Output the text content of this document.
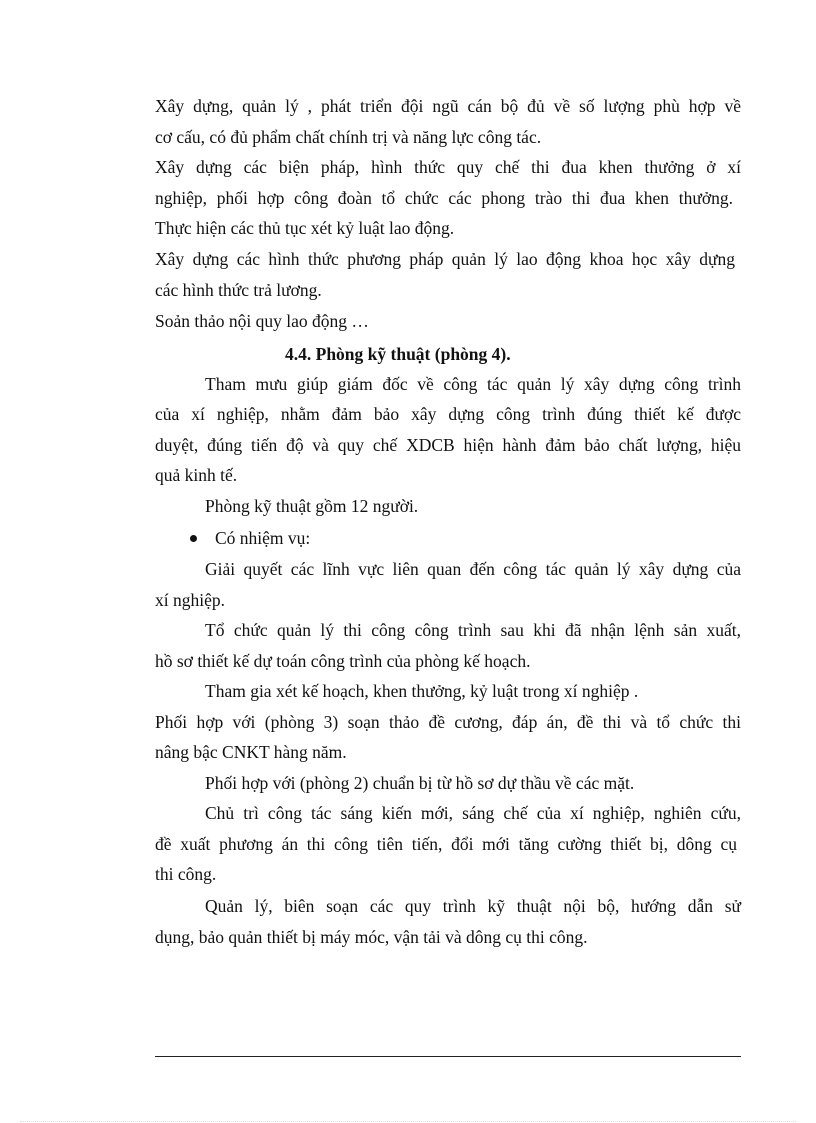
Xây dựng, quản lý , phát triển đội ngũ cán bộ đủ về số lượng phù hợp về
cơ cấu, có đủ phẩm chất chính trị và năng lực công tác.
Xây dựng các biện pháp, hình thức quy chế thi đua khen thưởng ở xí
nghiệp, phối hợp công đoàn tổ chức các phong trào thi đua khen thưởng.
Thực hiện các thủ tục xét kỷ luật lao động.
Xây dựng các hình thức phương pháp quản lý lao động khoa học xây dựng
các hình thức trả lương.
Soản thảo nội quy lao động …
4.4. Phòng kỹ thuật (phòng 4).
Tham mưu giúp giám đốc về công tác quản lý xây dựng công trình
của xí nghiệp, nhằm đảm bảo xây dựng công trình đúng thiết kế được
duyệt, đúng tiến độ và quy chế XDCB hiện hành đảm bảo chất lượng, hiệu
quả kinh tế.
Phòng kỹ thuật gồm 12 người.
Có nhiệm vụ:
Giải quyết các lĩnh vực liên quan đến công tác quản lý xây dựng của
xí nghiệp.
Tổ chức quản lý thi công công trình sau khi đã nhận lệnh sản xuất,
hồ sơ thiết kế dự toán công trình của phòng kế hoạch.
Tham gia xét kế hoạch, khen thưởng, kỷ luật trong xí nghiệp .
Phối hợp với (phòng 3) soạn thảo đề cương, đáp án, đề thi và tổ chức thi
nâng bậc CNKT hàng năm.
Phối hợp với (phòng 2) chuẩn bị từ hồ sơ dự thầu về các mặt.
Chủ trì công tác sáng kiến mới, sáng chế của xí nghiệp, nghiên cứu,
đề xuất phương án thi công tiên tiến, đổi mới tăng cường thiết bị, dông cụ
thi công.
Quản lý, biên soạn các quy trình kỹ thuật nội bộ, hướng dẫn sử
dụng, bảo quản thiết bị máy móc, vận tải và dông cụ thi công.
